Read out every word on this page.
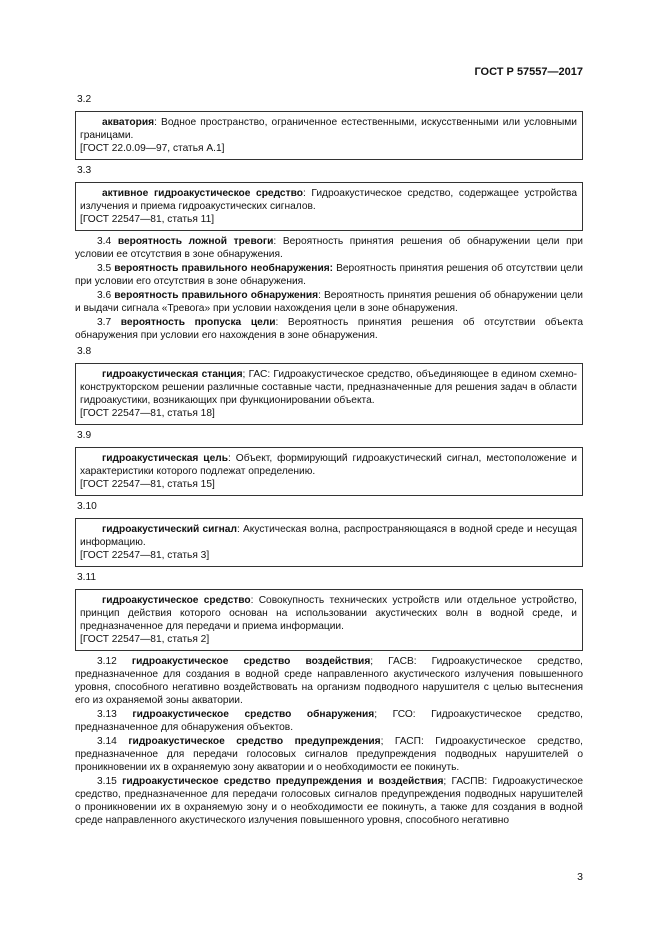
ГОСТ Р 57557—2017
3.2

акватория: Водное пространство, ограниченное естественными, искусственными или условными границами.

[ГОСТ 22.0.09—97, статья А.1]

3.3

активное гидроакустическое средство: Гидроакустическое средство, содержащее устройства излучения и приема гидроакустических сигналов.

[ГОСТ 22547—81, статья 11]

3.4 вероятность ложной тревоги: Вероятность принятия решения об обнаружении цели при условии ее отсутствия в зоне обнаружения.

3.5 вероятность правильного необнаружения: Вероятность принятия решения об отсутствии цели при условии его отсутствия в зоне обнаружения.

3.6 вероятность правильного обнаружения: Вероятность принятия решения об обнаружении цели и выдачи сигнала «Тревога» при условии нахождения цели в зоне обнаружения.

3.7 вероятность пропуска цели: Вероятность принятия решения об отсутствии объекта обнаружения при условии его нахождения в зоне обнаружения.

3.8

гидроакустическая станция; ГАС: Гидроакустическое средство, объединяющее в едином схемно-конструкторском решении различные составные части, предназначенные для решения задач в области гидроакустики, возникающих при функционировании объекта.

[ГОСТ 22547—81, статья 18]

3.9

гидроакустическая цель: Объект, формирующий гидроакустический сигнал, местоположение и характеристики которого подлежат определению.

[ГОСТ 22547—81, статья 15]

3.10

гидроакустический сигнал: Акустическая волна, распространяющаяся в водной среде и несущая информацию.

[ГОСТ 22547—81, статья 3]

3.11

гидроакустическое средство: Совокупность технических устройств или отдельное устройство, принцип действия которого основан на использовании акустических волн в водной среде, и предназначенное для передачи и приема информации.

[ГОСТ 22547—81, статья 2]

3.12 гидроакустическое средство воздействия; ГАСВ: Гидроакустическое средство, предназначенное для создания в водной среде направленного акустического излучения повышенного уровня, способного негативно воздействовать на организм подводного нарушителя с целью вытеснения его из охраняемой зоны акватории.

3.13 гидроакустическое средство обнаружения; ГСО: Гидроакустическое средство, предназначенное для обнаружения объектов.

3.14 гидроакустическое средство предупреждения; ГАСП: Гидроакустическое средство, предназначенное для передачи голосовых сигналов предупреждения подводных нарушителей о проникновении их в охраняемую зону акватории и о необходимости ее покинуть.

3.15 гидроакустическое средство предупреждения и воздействия; ГАСПВ: Гидроакустическое средство, предназначенное для передачи голосовых сигналов предупреждения подводных нарушителей о проникновении их в охраняемую зону и о необходимости ее покинуть, а также для создания в водной среде направленного акустического излучения повышенного уровня, способного негативно

3
